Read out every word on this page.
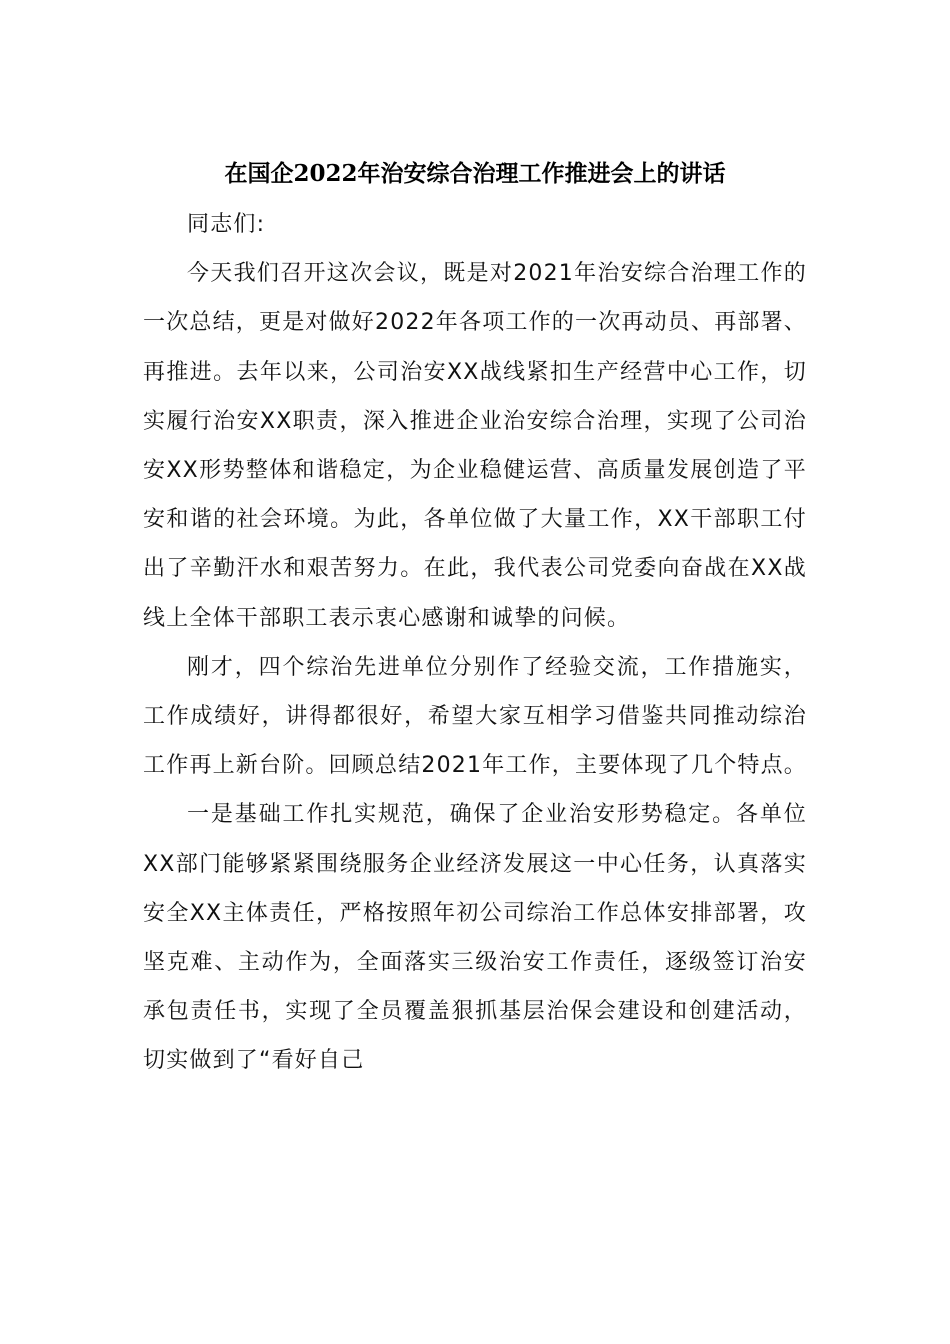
在国企2022年治安综合治理工作推进会上的讲话

同志们:

今天我们召开这次会议，既是对2021年治安综合治理工作的一次总结，更是对做好2022年各项工作的一次再动员、再部署、再推进。去年以来，公司治安XX战线紧扣生产经营中心工作，切实履行治安XX职责，深入推进企业治安综合治理，实现了公司治安XX形势整体和谐稳定，为企业稳健运营、高质量发展创造了平安和谐的社会环境。为此，各单位做了大量工作，XX干部职工付出了辛勤汗水和艰苦努力。在此，我代表公司党委向奋战在XX战线上全体干部职工表示衷心感谢和诚挚的问候。

刚才，四个综治先进单位分别作了经验交流，工作措施实，工作成绩好，讲得都很好，希望大家互相学习借鉴共同推动综治工作再上新台阶。回顾总结2021年工作，主要体现了几个特点。

一是基础工作扎实规范，确保了企业治安形势稳定。各单位XX部门能够紧紧围绕服务企业经济发展这一中心任务，认真落实安全XX主体责任，严格按照年初公司综治工作总体安排部署，攻坚克难、主动作为，全面落实三级治安工作责任，逐级签订治安承包责任书，实现了全员覆盖狠抓基层治保会建设和创建活动，切实做到了“看好自己
